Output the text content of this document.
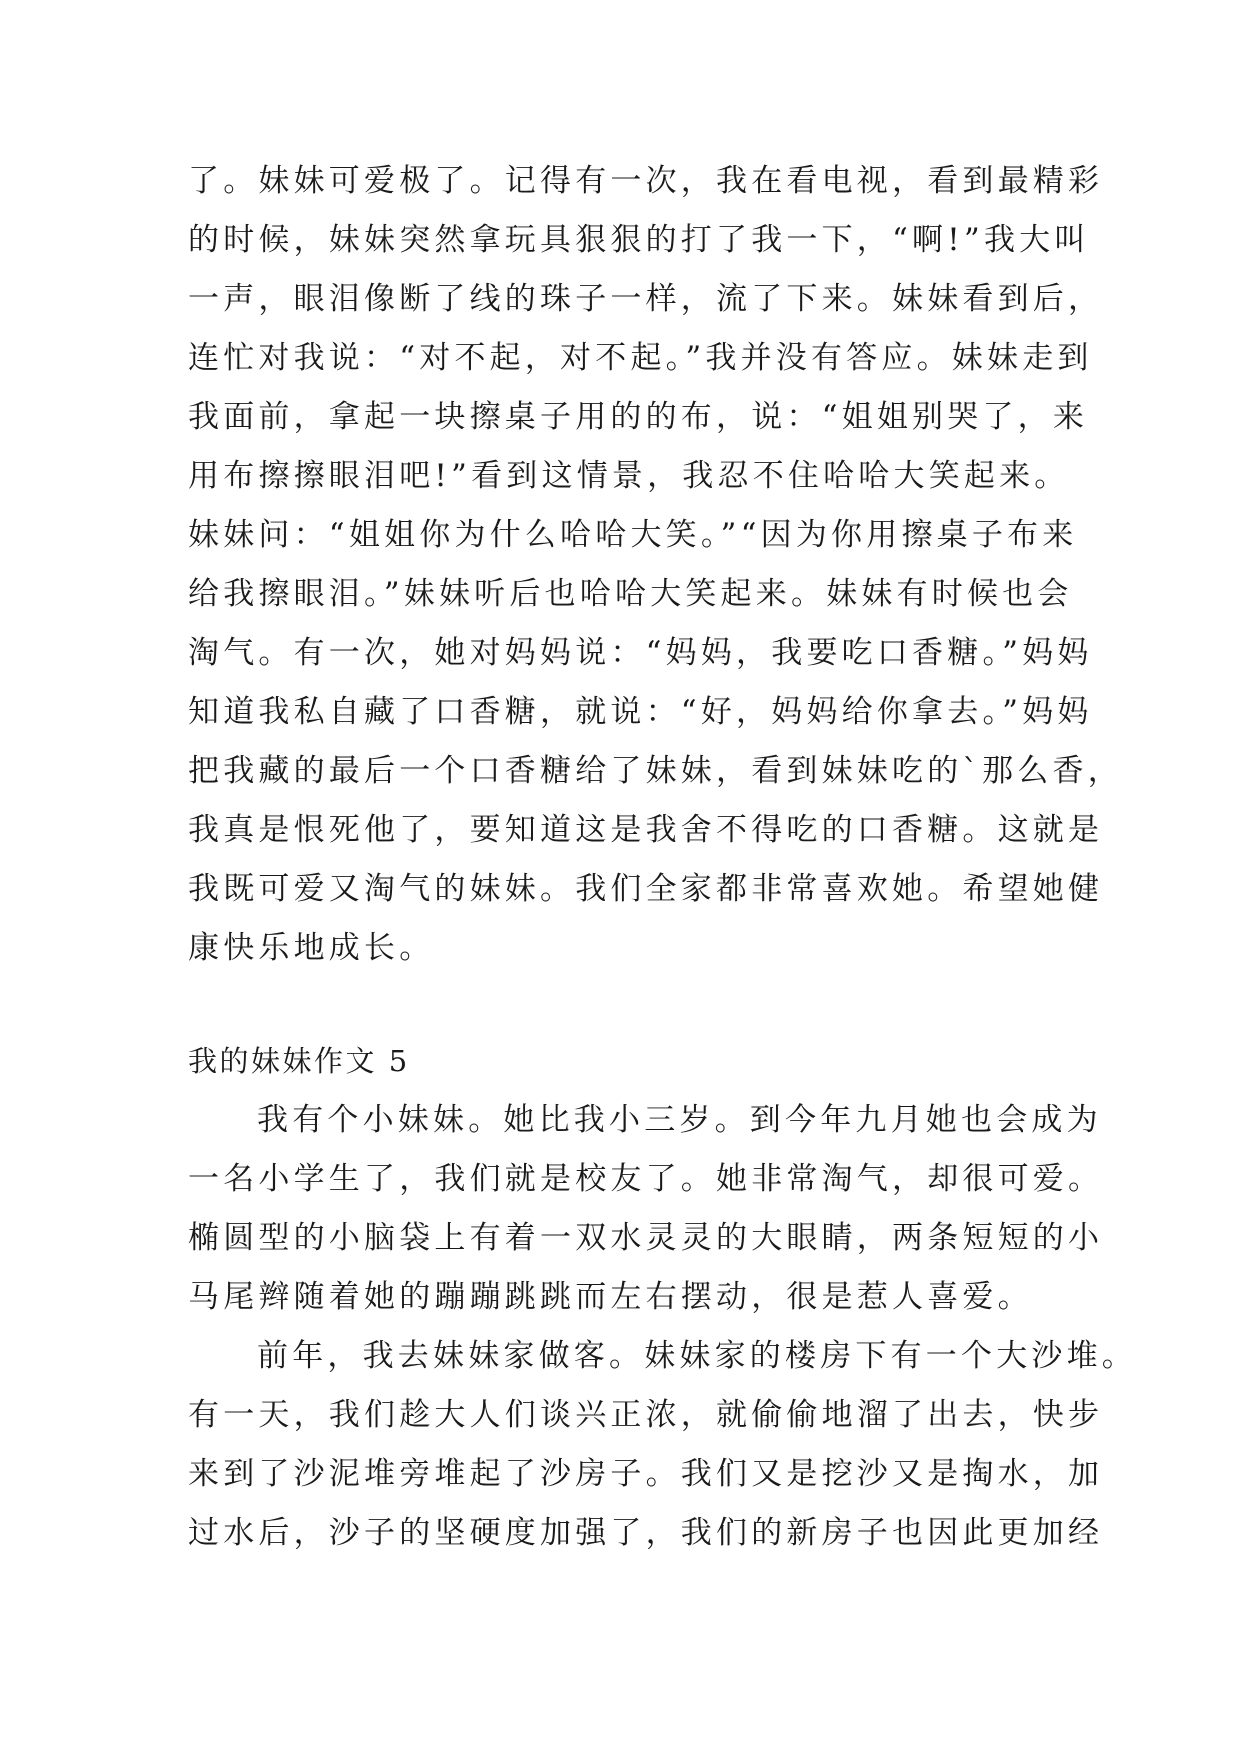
了。妹妹可爱极了。记得有一次，我在看电视，看到最精彩
的时候，妹妹突然拿玩具狠狠的打了我一下，“啊!”我大叫
一声，眼泪像断了线的珠子一样，流了下来。妹妹看到后，
连忙对我说：“对不起，对不起。”我并没有答应。妹妹走到
我面前，拿起一块擦桌子用的的布，说：“姐姐别哭了，来
用布擦擦眼泪吧!”看到这情景，我忍不住哈哈大笑起来。
妹妹问：“姐姐你为什么哈哈大笑。”“因为你用擦桌子布来
给我擦眼泪。”妹妹听后也哈哈大笑起来。妹妹有时候也会
淘气。有一次，她对妈妈说：“妈妈，我要吃口香糖。”妈妈
知道我私自藏了口香糖，就说：“好，妈妈给你拿去。”妈妈
把我藏的最后一个口香糖给了妹妹，看到妹妹吃的`那么香，
我真是恨死他了，要知道这是我舍不得吃的口香糖。这就是
我既可爱又淘气的妹妹。我们全家都非常喜欢她。希望她健
康快乐地成长。
我的妹妹作文 5
我有个小妹妹。她比我小三岁。到今年九月她也会成为
一名小学生了，我们就是校友了。她非常淘气，却很可爱。
椭圆型的小脑袋上有着一双水灵灵的大眼睛，两条短短的小
马尾辫随着她的蹦蹦跳跳而左右摆动，很是惹人喜爱。
前年，我去妹妹家做客。妹妹家的楼房下有一个大沙堆。
有一天，我们趁大人们谈兴正浓，就偷偷地溜了出去，快步
来到了沙泥堆旁堆起了沙房子。我们又是挖沙又是掏水，加
过水后，沙子的坚硬度加强了，我们的新房子也因此更加经
